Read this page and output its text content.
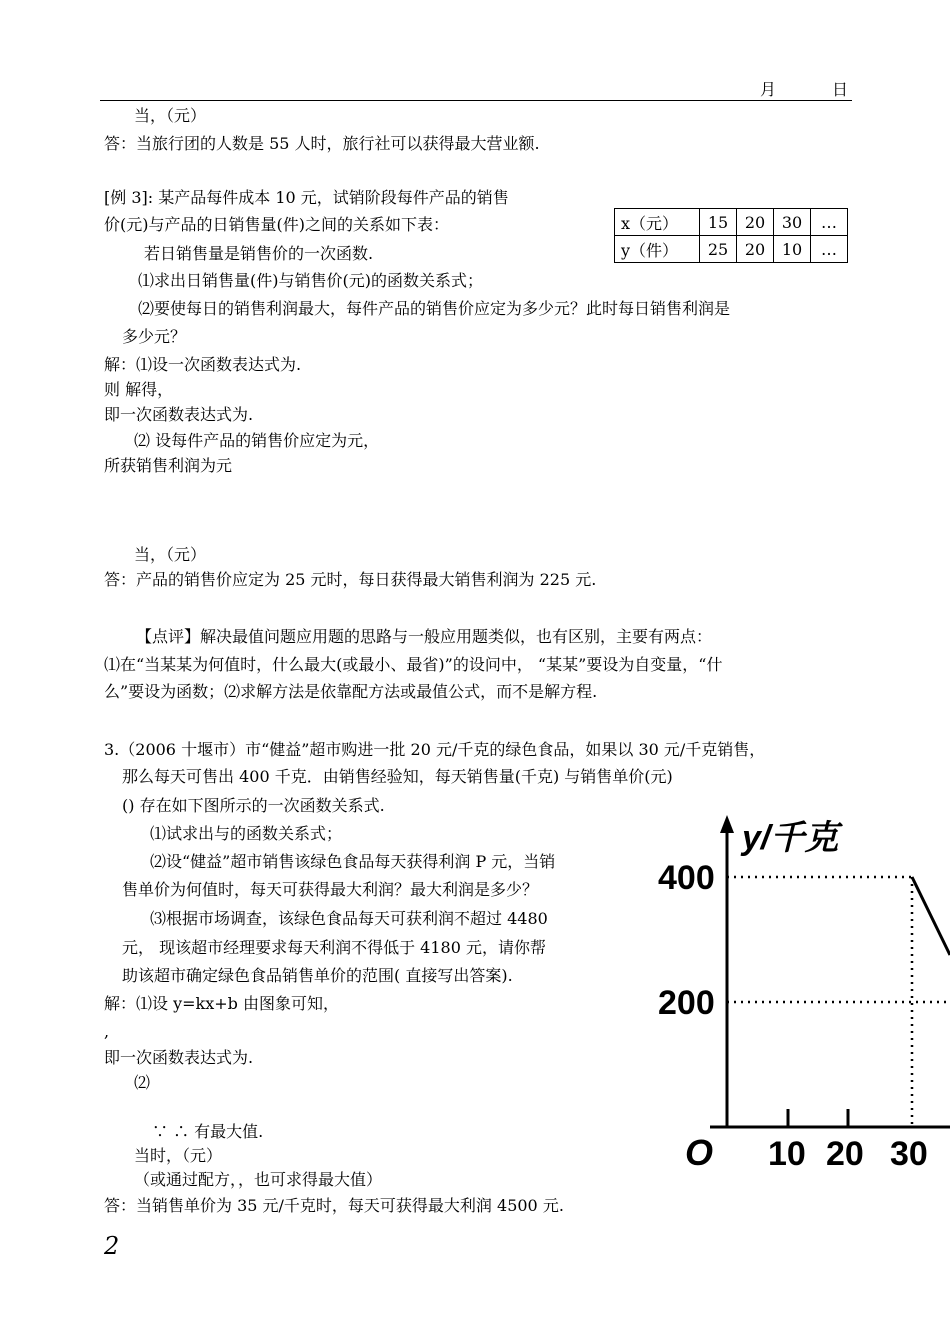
月	日
当，（元）
答：当旅行团的人数是 55 人时，旅行社可以获得最大营业额.
[例 3]: 某产品每件成本 10 元，试销阶段每件产品的销售
价(元)与产品的日销售量(件)之间的关系如下表：
若日销售量是销售价的一次函数.
⑴求出日销售量(件)与销售价(元)的函数关系式；
⑵要使每日的销售利润最大，每件产品的销售价应定为多少元？此时每日销售利润是
多少元？
解：⑴设一次函数表达式为.
则 解得，
即一次函数表达式为.
⑵ 设每件产品的销售价应定为元，
所获销售利润为元
当，（元）
答：产品的销售价应定为 25 元时，每日获得最大销售利润为 225 元.
【点评】解决最值问题应用题的思路与一般应用题类似，也有区别，主要有两点：
⑴在“当某某为何值时，什么最大(或最小、最省)”的设问中， “某某”要设为自变量，“什
么”要设为函数；⑵求解方法是依靠配方法或最值公式，而不是解方程.
3.（2006 十堰市）市“健益”超市购进一批 20 元/千克的绿色食品，如果以 30 元/千克销售，
那么每天可售出 400 千克．由销售经验知，每天销售量(千克) 与销售单价(元)
() 存在如下图所示的一次函数关系式.
⑴试求出与的函数关系式；
⑵设“健益”超市销售该绿色食品每天获得利润 P 元，当销
售单价为何值时，每天可获得最大利润？最大利润是多少？
⑶根据市场调查，该绿色食品每天可获利润不超过 4480
元， 现该超市经理要求每天利润不得低于 4180 元，请你帮
助该超市确定绿色食品销售单价的范围( 直接写出答案).
解：⑴设 y=kx+b 由图象可知，
,
即一次函数表达式为.
⑵
∵ ∴ 有最大值.
当时，（元）
（或通过配方，，也可求得最大值）
答：当销售单价为 35 元/千克时，每天可获得最大利润 4500 元.
x（元）	15	20	30	…
y（件）	25	20	10	…
y/千克
400
200
O 10 20 30
2
